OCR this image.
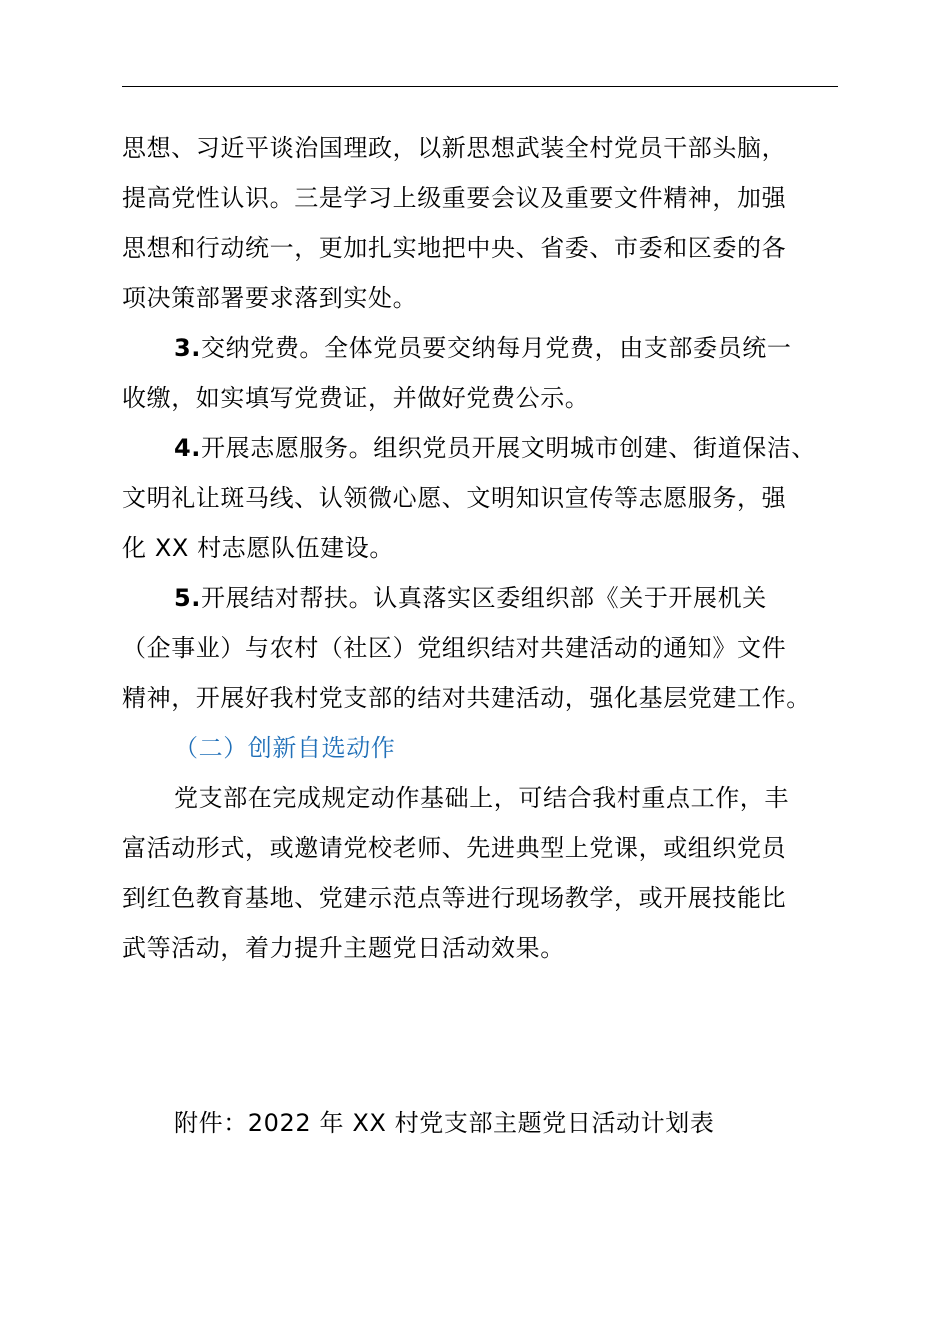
思想、习近平谈治国理政，以新思想武装全村党员干部头脑，
提高党性认识。三是学习上级重要会议及重要文件精神，加强
思想和行动统一，更加扎实地把中央、省委、市委和区委的各
项决策部署要求落到实处。

3.交纳党费。全体党员要交纳每月党费，由支部委员统一
收缴，如实填写党费证，并做好党费公示。

4.开展志愿服务。组织党员开展文明城市创建、街道保洁、
文明礼让斑马线、认领微心愿、文明知识宣传等志愿服务，强
化 XX 村志愿队伍建设。

5.开展结对帮扶。认真落实区委组织部《关于开展机关
（企事业）与农村（社区）党组织结对共建活动的通知》文件
精神，开展好我村党支部的结对共建活动，强化基层党建工作。

（二）创新自选动作

党支部在完成规定动作基础上，可结合我村重点工作，丰
富活动形式，或邀请党校老师、先进典型上党课，或组织党员
到红色教育基地、党建示范点等进行现场教学，或开展技能比
武等活动，着力提升主题党日活动效果。

附件：2022 年 XX 村党支部主题党日活动计划表
